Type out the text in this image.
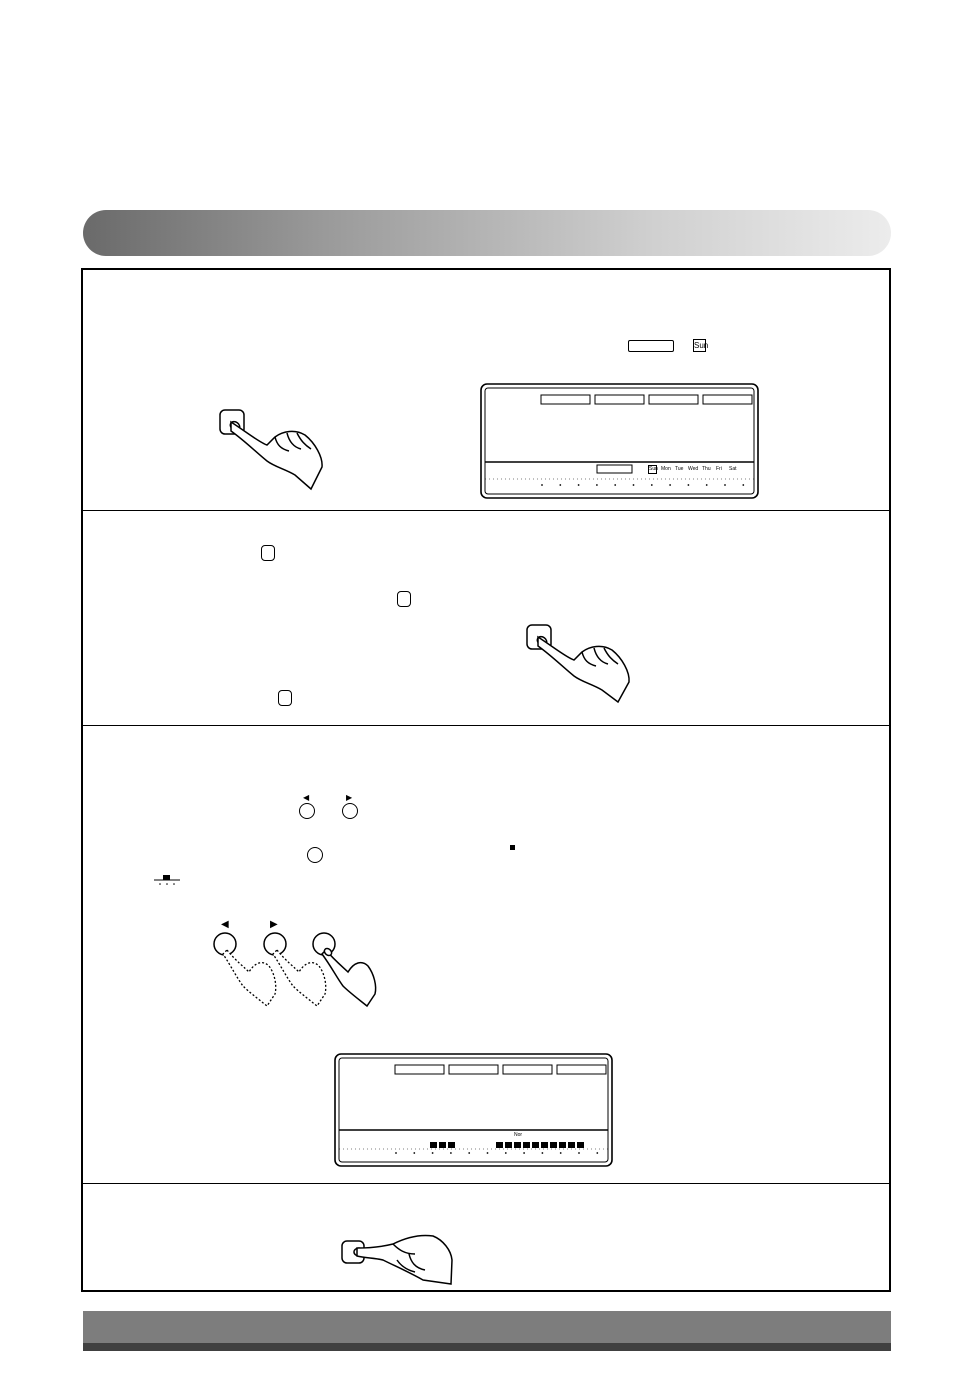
Sun
Sun Mon Tue Wed Thu Fri Sat
◀	▶
◀	▶
Nor
